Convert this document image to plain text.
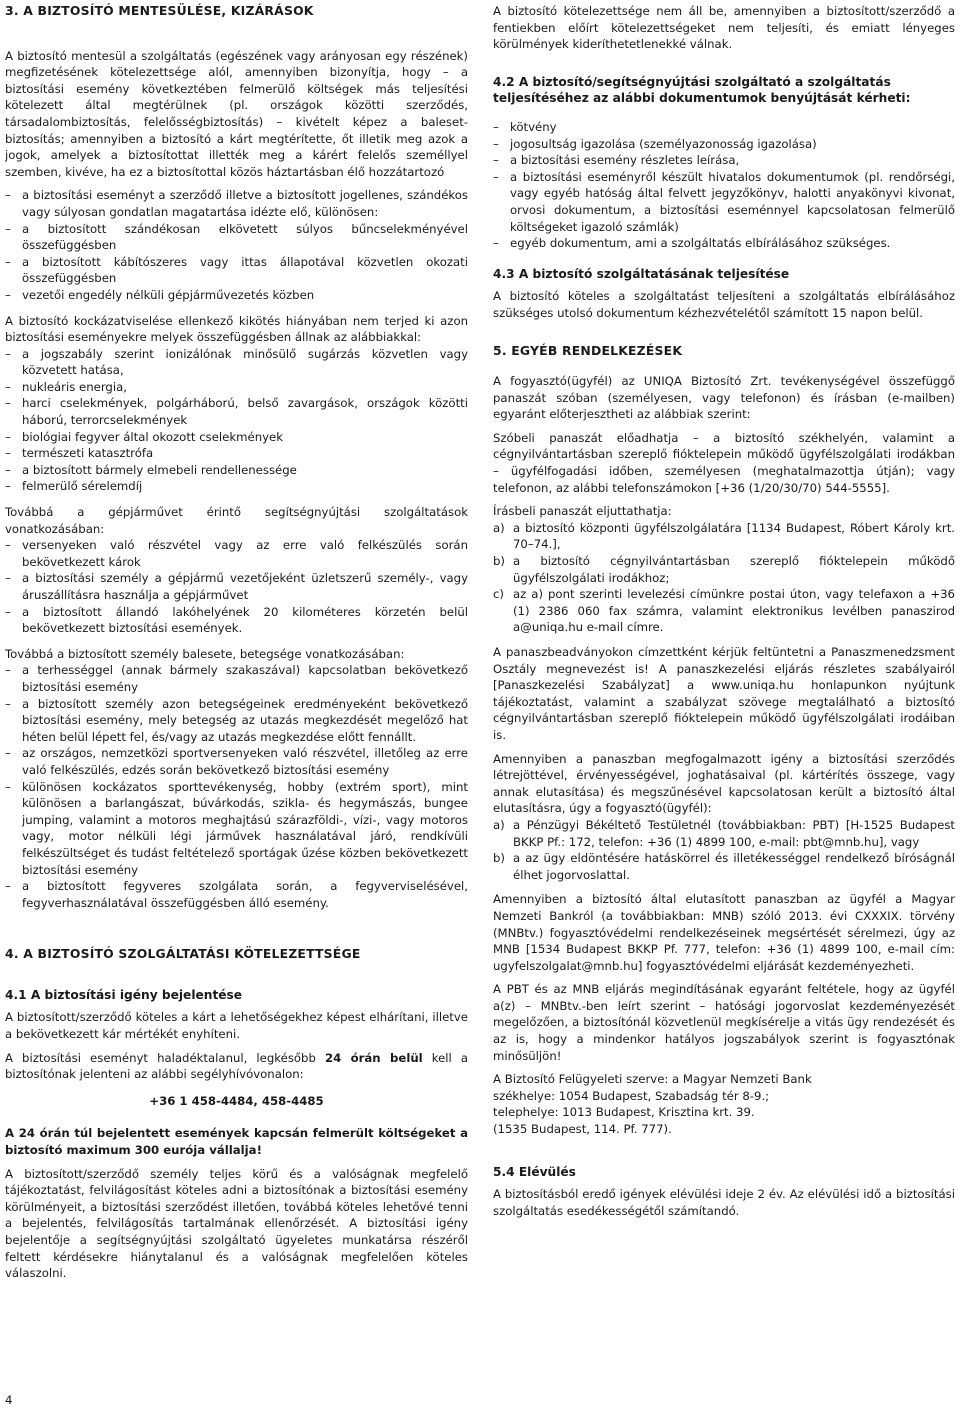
3. A BIZTOSÍTÓ MENTESÜLÉSE, KIZÁRÁSOK

A biztosító mentesül a szolgáltatás (egészének vagy arányosan egy részének) megfizetésének kötelezettsége alól, amennyiben bizonyítja, hogy – a biztosítási esemény következtében felmerülő költségek más teljesítési kötelezett által megtérülnek (pl. országok közötti szerződés, társadalombiztosítás, felelősségbiztosítás) – kivételt képez a baleset-biztosítás; amennyiben a biztosító a kárt megtérítette, őt illetik meg azok a jogok, amelyek a biztosítottat illették meg a kárért felelős személlyel szemben, kivéve, ha ez a biztosítottal közös háztartásban élő hozzátartozó

– a biztosítási eseményt a szerződő illetve a biztosított jogellenes, szándékos vagy súlyosan gondatlan magatartása idézte elő, különösen:
– a biztosított szándékosan elkövetett súlyos bűncselekményével összefüggésben
– a biztosított kábítószeres vagy ittas állapotával közvetlen okozati összefüggésben
– vezetői engedély nélküli gépjárművezetés közben

A biztosító kockázatviselése ellenkező kikötés hiányában nem terjed ki azon biztosítási eseményekre melyek összefüggésben állnak az alábbiakkal:

– a jogszabály szerint ionizálónak minősülő sugárzás közvetlen vagy közvetett hatása,
– nukleáris energia,
– harci cselekmények, polgárháború, belső zavargások, országok közötti háború, terrorcselekmények
– biológiai fegyver által okozott cselekmények
– természeti katasztrófa
– a biztosított bármely elmebeli rendellenessége
– felmerülő sérelemdíj

Továbbá a gépjárművet érintő segítségnyújtási szolgáltatások vonatkozásában:

– versenyeken való részvétel vagy az erre való felkészülés során bekövetkezett károk
– a biztosítási személy a gépjármű vezetőjeként üzletszerű személy-, vagy áruszállításra használja a gépjárművet
– a biztosított állandó lakóhelyének 20 kilométeres körzetén belül bekövetkezett biztosítási események.

Továbbá a biztosított személy balesete, betegsége vonatkozásában:

– a terhességgel (annak bármely szakaszával) kapcsolatban bekövetkező biztosítási esemény
– a biztosított személy azon betegségeinek eredményeként bekövetkező biztosítási esemény, mely betegség az utazás megkezdését megelőző hat héten belül lépett fel, és/vagy az utazás megkezdése előtt fennállt.
– az országos, nemzetközi sportversenyeken való részvétel, illetőleg az erre való felkészülés, edzés során bekövetkező biztosítási esemény
– különösen kockázatos sporttevékenység, hobby (extrém sport), mint különösen a barlangászat, búvárkodás, szikla- és hegymászás, bungee jumping, valamint a motoros meghajtású szárazföldi-, vízi-, vagy motoros vagy, motor nélküli légi járművek használatával járó, rendkívüli felkészültséget és tudást feltételező sportágak űzése közben bekövetkezett biztosítási esemény
– a biztosított fegyveres szolgálata során, a fegyverviselésével, fegyverhasználatával összefüggésben álló esemény.
4. A BIZTOSÍTÓ SZOLGÁLTATÁSI KÖTELEZETTSÉGE
4.1 A biztosítási igény bejelentése

A biztosított/szerződő köteles a kárt a lehetőségekhez képest elhárítani, illetve a bekövetkezett kár mértékét enyhíteni.

A biztosítási eseményt haladéktalanul, legkésőbb 24 órán belül kell a biztosítónak jelenteni az alábbi segélyhívóvonalon:

+36 1 458-4484, 458-4485

A 24 órán túl bejelentett események kapcsán felmerült költségeket a biztosító maximum 300 eurója vállalja!

A biztosított/szerződő személy teljes körű és a valóságnak megfelelő tájékoztatást, felvilágosítást köteles adni a biztosítónak a biztosítási esemény körülményeit, a biztosítási szerződést illetően, továbbá köteles lehetővé tenni a bejelentés, felvilágosítás tartalmának ellenőrzését. A biztosítási igény bejelentője a segítségnyújtási szolgáltató ügyeletes munkatársa részéről feltett kérdésekre hiánytalanul és a valóságnak megfelelően köteles válaszolni.

A biztosító kötelezettsége nem áll be, amennyiben a biztosított/szerződő a fentiekben előírt kötelezettségeket nem teljesíti, és emiatt lényeges körülmények kideríthetetlenekké válnak.

4.2 A biztosító/segítségnyújtási szolgáltató a szolgáltatás teljesítéséhez az alábbi dokumentumok benyújtását kérheti:
– kötvény
– jogosultság igazolása (személyazonosság igazolása)
– a biztosítási esemény részletes leírása,
– a biztosítási eseményről készült hivatalos dokumentumok (pl. rendőrségi, vagy egyéb hatóság által felvett jegyzőkönyv, halotti anyakönyvi kivonat, orvosi dokumentum, a biztosítási eseménnyel kapcsolatosan felmerülő költségeket igazoló számlák)
– egyéb dokumentum, ami a szolgáltatás elbírálásához szükséges.
4.3 A biztosító szolgáltatásának teljesítése

A biztosító köteles a szolgáltatást teljesíteni a szolgáltatás elbírálásához szükséges utolsó dokumentum kézhezvételétől számított 15 napon belül.

5. EGYÉB RENDELKEZÉSEK

A fogyasztó(ügyfél) az UNIQA Biztosító Zrt. tevékenységével összefüggő panaszát szóban (személyesen, vagy telefonon) és írásban (e-mailben) egyaránt előterjesztheti az alábbiak szerint:

Szóbeli panaszát előadhatja – a biztosító székhelyén, valamint a cégnyilvántartásban szereplő fióktelepein működő ügyfélszolgálati irodákban – ügyfélfogadási időben, személyesen (meghatalmazottja útján); vagy telefonon, az alábbi telefonszámokon [+36 (1/20/30/70) 544-5555].

Írásbeli panaszát eljuttathatja:

a) a biztosító központi ügyfélszolgálatára [1134 Budapest, Róbert Károly krt. 70–74.],
b) a biztosító cégnyilvántartásban szereplő fióktelepein működő ügyfélszolgálati irodákhoz;
c) az a) pont szerinti levelezési címünkre postai úton, vagy telefaxon a +36 (1) 2386 060 fax számra, valamint elektronikus levélben panaszirod a@uniqa.hu e-mail címre.

A panaszbeadványokon címzettként kérjük feltüntetni a Panaszmenedzsment Osztály megnevezést is! A panaszkezelési eljárás részletes szabályairól [Panaszkezelési Szabályzat] a www.uniqa.hu honlapunkon nyújtunk tájékoztatást, valamint a szabályzat szövege megtalálható a biztosító cégnyilvántartásban szereplő fióktelepein működő ügyfélszolgálati irodáiban is.

Amennyiben a panaszban megfogalmazott igény a biztosítási szerződés létrejöttével, érvényességével, joghatásaival (pl. kártérítés összege, vagy annak elutasítása) és megszűnésével kapcsolatosan került a biztosító által elutasításra, úgy a fogyasztó(ügyfél):

a) a Pénzügyi Békéltető Testületnél (továbbiakban: PBT) [H-1525 Budapest BKKP Pf.: 172, telefon: +36 (1) 4899 100, e-mail: pbt@mnb.hu], vagy
b) a az ügy eldöntésére hatáskörrel és illetékességgel rendelkező bíróságnál élhet jogorvoslattal.

Amennyiben a biztosító által elutasított panaszban az ügyfél a Magyar Nemzeti Bankról (a továbbiakban: MNB) szóló 2013. évi CXXXIX. törvény (MNBtv.) fogyasztóvédelmi rendelkezéseinek megsértését sérelmezi, úgy az MNB [1534 Budapest BKKP Pf. 777, telefon: +36 (1) 4899 100, e-mail cím: ugyfelszolgalat@mnb.hu] fogyasztóvédelmi eljárását kezdeményezheti.

A PBT és az MNB eljárás megindításának egyaránt feltétele, hogy az ügyfél a(z) – MNBtv.-ben leírt szerint – hatósági jogorvoslat kezdeményezését megelőzően, a biztosítónál közvetlenül megkísérelje a vitás ügy rendezését és az is, hogy a mindenkor hatályos jogszabályok szerint is fogyasztónak minősüljön!

A Biztosító Felügyeleti szerve: a Magyar Nemzeti Bank

székhelye: 1054 Budapest, Szabadság tér 8-9.;

telephelye: 1013 Budapest, Krisztina krt. 39.

(1535 Budapest, 114. Pf. 777).

5.4 Elévülés

A biztosításból eredő igények elévülési ideje 2 év. Az elévülési idő a biztosítási szolgáltatás esedékességétől számítandó.

4
